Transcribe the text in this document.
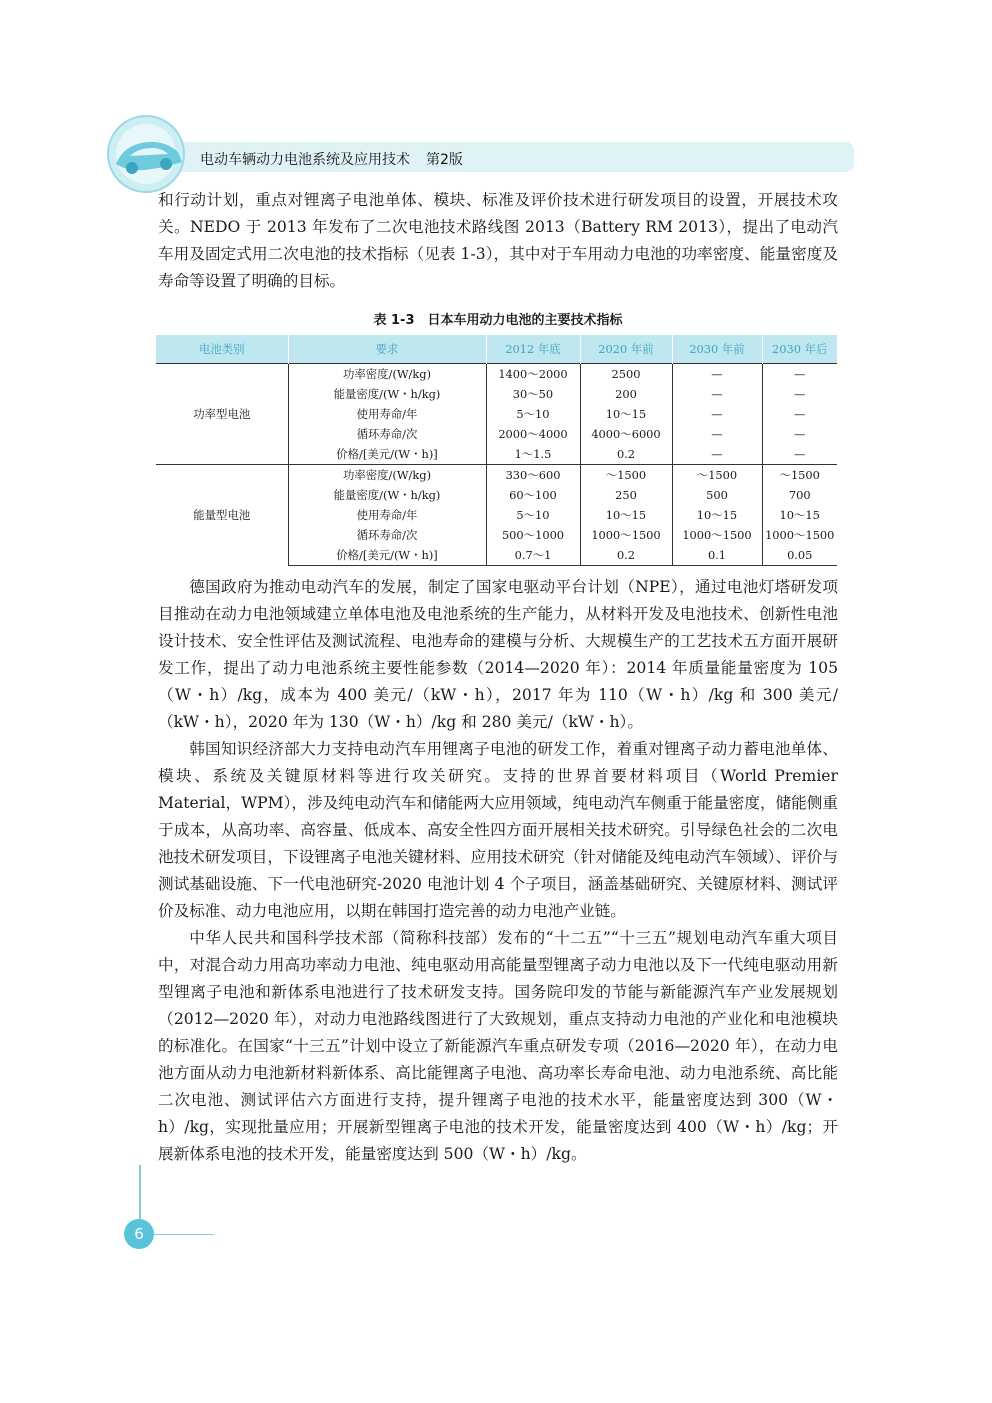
电动车辆动力电池系统及应用技术 第2版

和行动计划，重点对锂离子电池单体、模块、标准及评价技术进行研发项目的设置，开展技术攻关。NEDO 于 2013 年发布了二次电池技术路线图 2013（Battery RM 2013），提出了电动汽车用及固定式用二次电池的技术指标（见表 1-3），其中对于车用动力电池的功率密度、能量密度及寿命等设置了明确的目标。

表 1-3　日本车用动力电池的主要技术指标
电池类别	要求	2012 年底	2020 年前	2030 年前	2030 年后
功率型电池	功率密度/(W/kg)	1400～2000	2500	—	—
	能量密度/(W・h/kg)	30～50	200	—	—
	使用寿命/年	5～10	10～15	—	—
	循环寿命/次	2000～4000	4000～6000	—	—
	价格/[美元/(W・h)]	1～1.5	0.2	—	—
能量型电池	功率密度/(W/kg)	330～600	～1500	～1500	～1500
	能量密度/(W・h/kg)	60～100	250	500	700
	使用寿命/年	5～10	10～15	10～15	10～15
	循环寿命/次	500～1000	1000～1500	1000～1500	1000～1500
	价格/[美元/(W・h)]	0.7～1	0.2	0.1	0.05

德国政府为推动电动汽车的发展，制定了国家电驱动平台计划（NPE），通过电池灯塔研发项目推动在动力电池领域建立单体电池及电池系统的生产能力，从材料开发及电池技术、创新性电池设计技术、安全性评估及测试流程、电池寿命的建模与分析、大规模生产的工艺技术五方面开展研发工作，提出了动力电池系统主要性能参数（2014—2020 年）：2014 年质量能量密度为 105（W・h）/kg，成本为 400 美元/（kW・h），2017 年为 110（W・h）/kg 和 300 美元/（kW・h），2020 年为 130（W・h）/kg 和 280 美元/（kW・h）。

韩国知识经济部大力支持电动汽车用锂离子电池的研发工作，着重对锂离子动力蓄电池单体、模块、系统及关键原材料等进行攻关研究。支持的世界首要材料项目（World Premier Material，WPM），涉及纯电动汽车和储能两大应用领域，纯电动汽车侧重于能量密度，储能侧重于成本，从高功率、高容量、低成本、高安全性四方面开展相关技术研究。引导绿色社会的二次电池技术研发项目，下设锂离子电池关键材料、应用技术研究（针对储能及纯电动汽车领域）、评价与测试基础设施、下一代电池研究-2020 电池计划 4 个子项目，涵盖基础研究、关键原材料、测试评价及标准、动力电池应用，以期在韩国打造完善的动力电池产业链。

中华人民共和国科学技术部（简称科技部）发布的“十二五”“十三五”规划电动汽车重大项目中，对混合动力用高功率动力电池、纯电驱动用高能量型锂离子动力电池以及下一代纯电驱动用新型锂离子电池和新体系电池进行了技术研发支持。国务院印发的节能与新能源汽车产业发展规划（2012—2020 年），对动力电池路线图进行了大致规划，重点支持动力电池的产业化和电池模块的标准化。在国家“十三五”计划中设立了新能源汽车重点研发专项（2016—2020 年），在动力电池方面从动力电池新材料新体系、高比能锂离子电池、高功率长寿命电池、动力电池系统、高比能二次电池、测试评估六方面进行支持，提升锂离子电池的技术水平，能量密度达到 300（W・h）/kg，实现批量应用；开展新型锂离子电池的技术开发，能量密度达到 400（W・h）/kg；开展新体系电池的技术开发，能量密度达到 500（W・h）/kg。

6
